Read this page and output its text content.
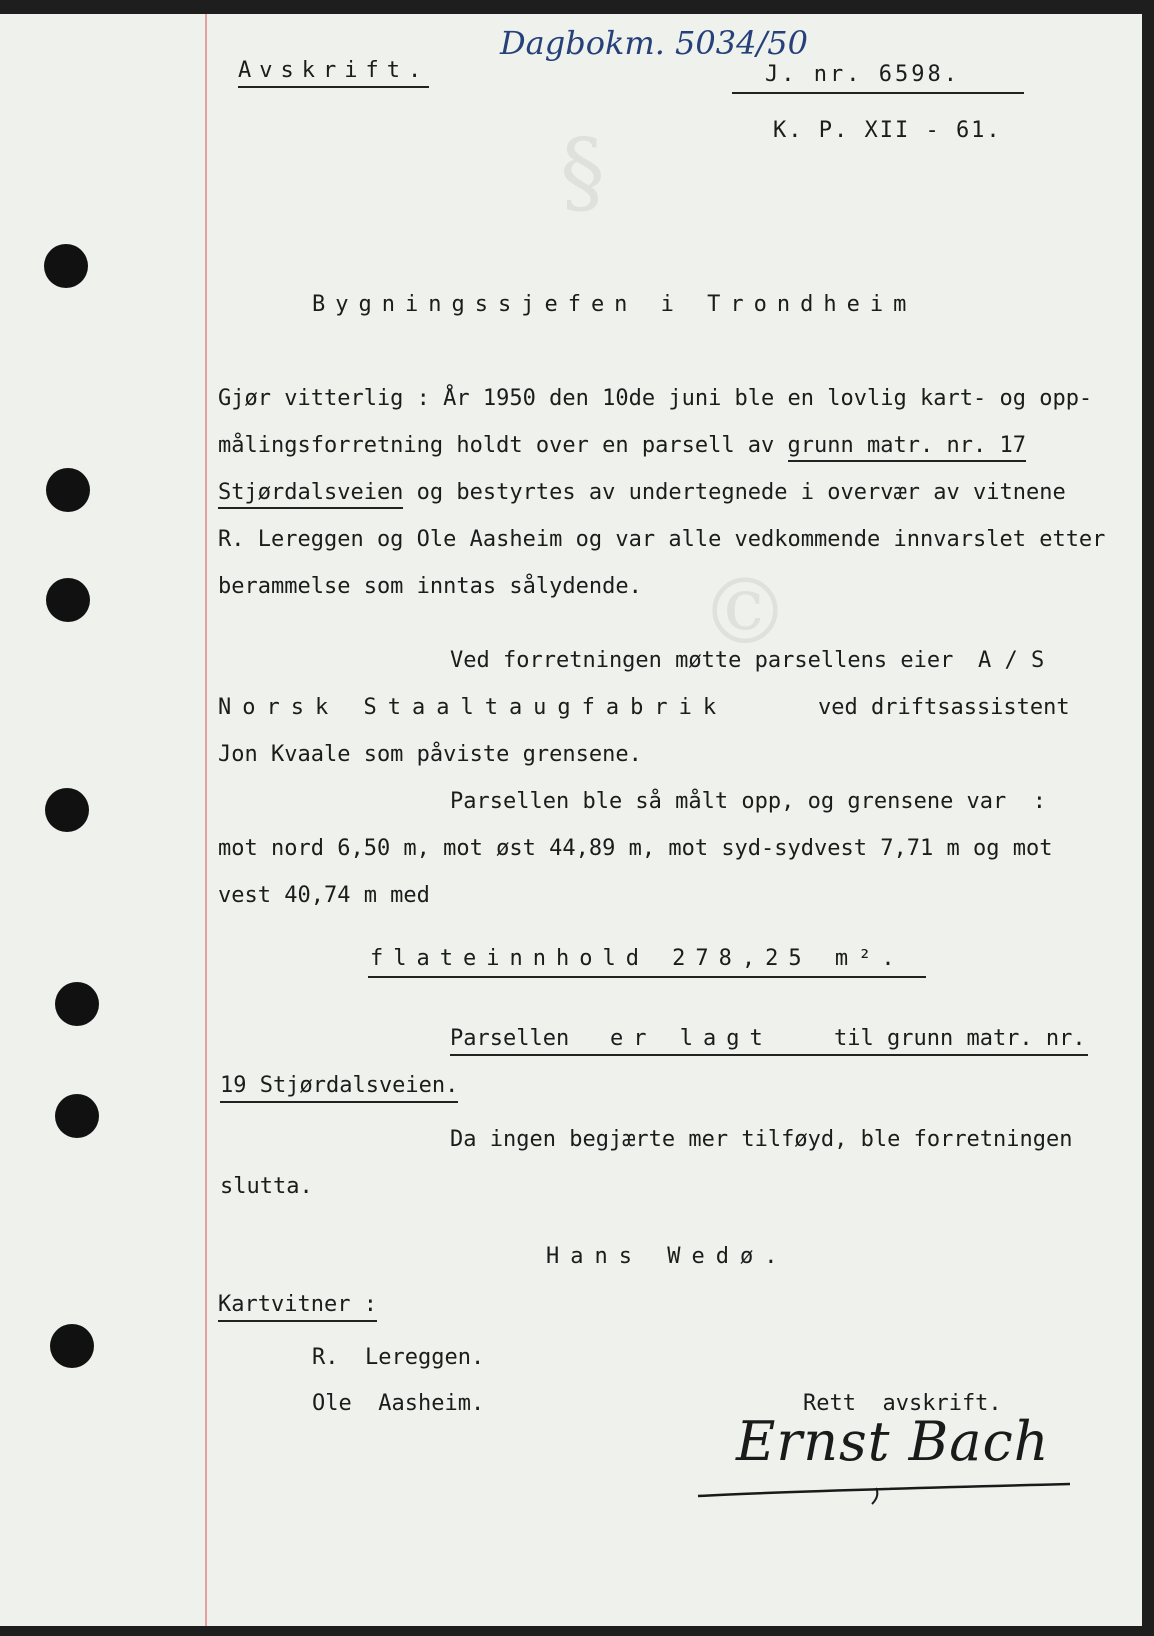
§
©
Avskrift.
Dagbokm. 5034/50
J. nr. 6598.
K. P. XII - 61.
Bygningssjefen i Trondheim
Gjør vitterlig : År 1950 den 10de juni ble en lovlig kart- og opp-
målingsforretning holdt over en parsell av grunn matr. nr. 17
Stjørdalsveien og bestyrtes av undertegnede i overvær av vitnene
R. Lereggen og Ole Aasheim og var alle vedkommende innvarslet etter
berammelse som inntas sålydende.
Ved forretningen møtte parsellens eier A / S
Norsk Staaltaugfabrik	ved driftsassistent
Jon Kvaale som påviste grensene.
Parsellen ble så målt opp, og grensene var  :
mot nord 6,50 m, mot øst 44,89 m, mot syd-sydvest 7,71 m og mot
vest 40,74 m med
flateinnhold 278,25 m².
Parsellen er lagt	til grunn matr. nr.
19 Stjørdalsveien.
Da ingen begjærte mer tilføyd, ble forretningen
slutta.
Hans Wedø.
Kartvitner :
R.  Lereggen.
Ole  Aasheim.	Rett  avskrift.
Ernst Bach
